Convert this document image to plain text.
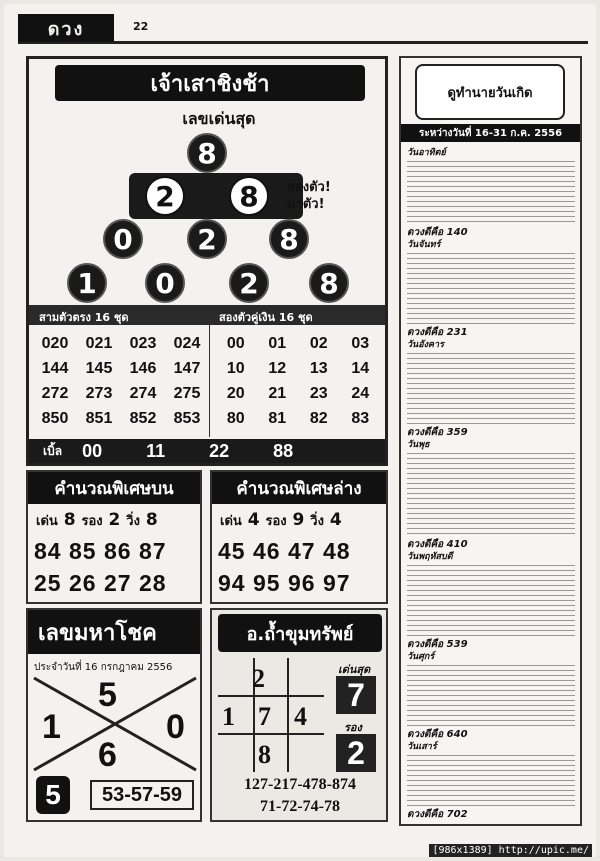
ดวง	22
เจ้าเสาชิงช้า
เลขเด่นสุด
8
2	8	สองตัว!
มาตัว!
0	2	8
1	0	2	8
สามตัวตรง 16 ชุด	สองตัวคู่เงิน 16 ชุด
020	021	023	024
144	145	146	147
272	273	274	275
850	851	852	853
00	01	02	03
10	12	13	14
20	21	23	24
80	81	82	83
เบิ้ล 00 11 22 88
คำนวณพิเศษบน
เด่น 8 รอง 2 วิ่ง 8
84 85 86 87
25 26 27 28
คำนวณพิเศษล่าง
เด่น 4 รอง 9 วิ่ง 4
45 46 47 48
94 95 96 97
เลขมหาโชค
ประจำวันที่ 16 กรกฎาคม 2556
5
1	0
6
5	53-57-59
อ.ถ้ำขุมทรัพย์
2
1 7 4
8
เด่นสุด
7
รอง
2
127-217-478-874
71-72-74-78
ดูทำนายวันเกิด
ระหว่างวันที่ 16-31 ก.ค. 2556
วันอาทิตย์
ดวงดีคือ 140
วันจันทร์
ดวงดีคือ 231
วันอังคาร
ดวงดีคือ 359
วันพุธ
ดวงดีคือ 410
วันพฤหัสบดี
ดวงดีคือ 539
วันศุกร์
ดวงดีคือ 640
วันเสาร์
ดวงดีคือ 702
[986x1389] http://upic.me/
